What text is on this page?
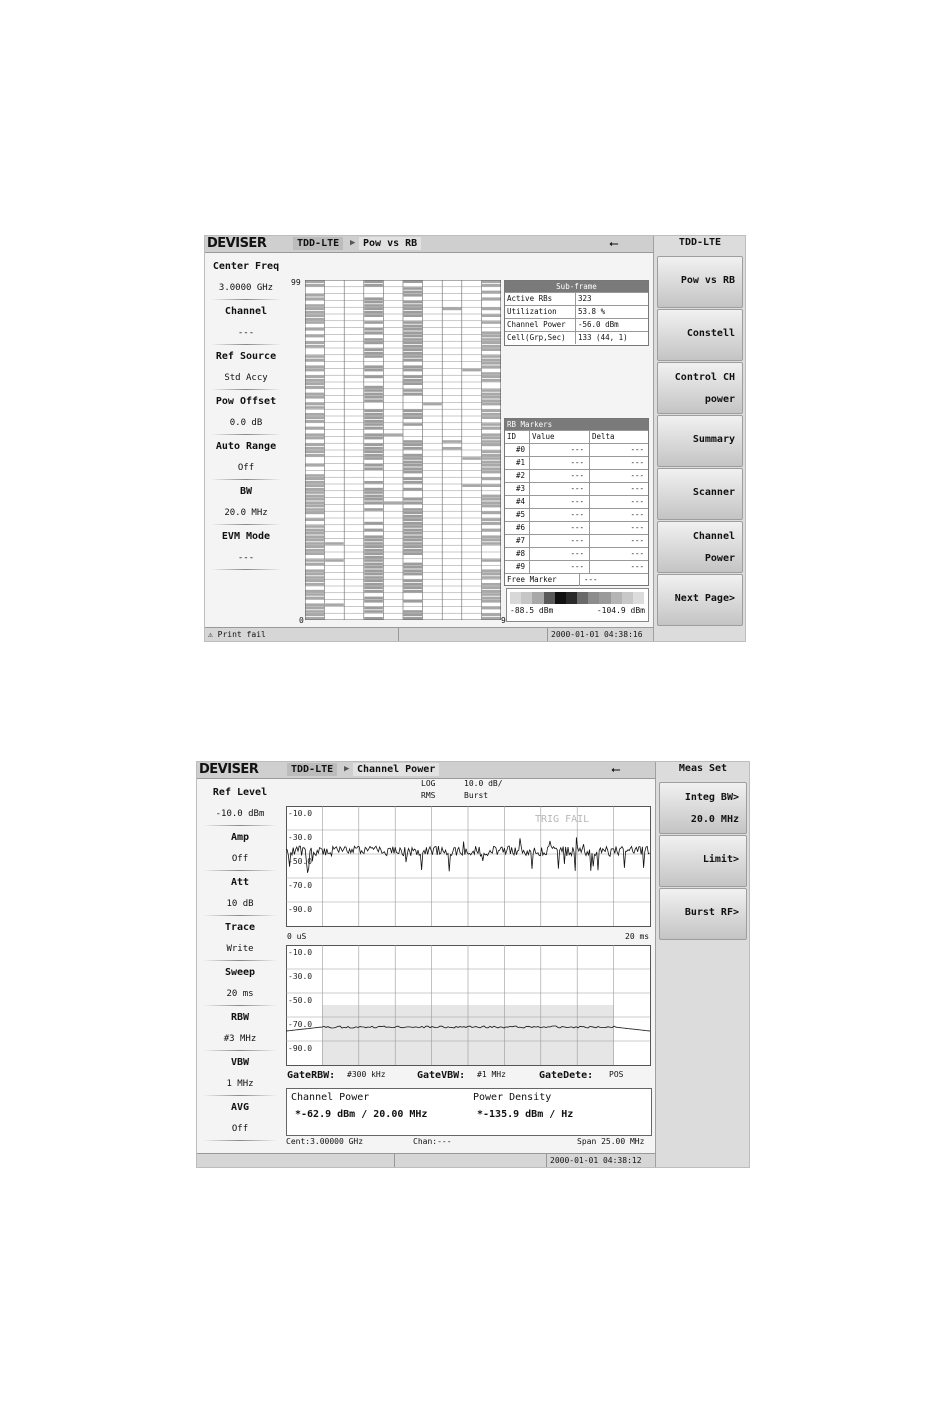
DEVISER	TDD-LTE	▶ Pow vs RB	⭠
Center Freq
3.0000 GHz
Channel
---
Ref Source
Std Accy
Pow Offset
0.0 dB
Auto Range
Off
BW
20.0 MHz
EVM Mode
---
99
0	9
Sub-frame
Active RBs	323
Utilization	53.8 %
Channel Power	-56.0 dBm
Cell(Grp,Sec)	133 (44, 1)
RB Markers
ID	Value	Delta
#0	---	---
#1	---	---
#2	---	---
#3	---	---
#4	---	---
#5	---	---
#6	---	---
#7	---	---
#8	---	---
#9	---	---
Free Marker	---
-88.5 dBm	-104.9 dBm
TDD-LTE
Pow vs RB
Constell
Control CH
power
Summary
Scanner
Channel
Power
Next Page>
⚠ Print fail	2000-01-01 04:38:16
DEVISER	TDD-LTE	▶ Channel Power	⭠
Ref Level
-10.0 dBm
Amp
Off
Att
10 dB
Trace
Write
Sweep
20 ms
RBW
#3 MHz
VBW
1 MHz
AVG
Off
LOG
RMS
10.0 dB/
Burst
-10.0
-30.0
-50.0
-70.0
-90.0
TRIG FAIL
0 uS	20 ms
-10.0
-30.0
-50.0
-70.0
-90.0
GateRBW: #300 kHz	GateVBW: #1 MHz	GateDete: POS
Channel Power
*-62.9 dBm / 20.00 MHz
Power Density
*-135.9 dBm / Hz
Cent:3.00000 GHz	Chan:---	Span 25.00 MHz
Meas Set
Integ BW>
20.0 MHz
Limit>
Burst RF>
2000-01-01 04:38:12
